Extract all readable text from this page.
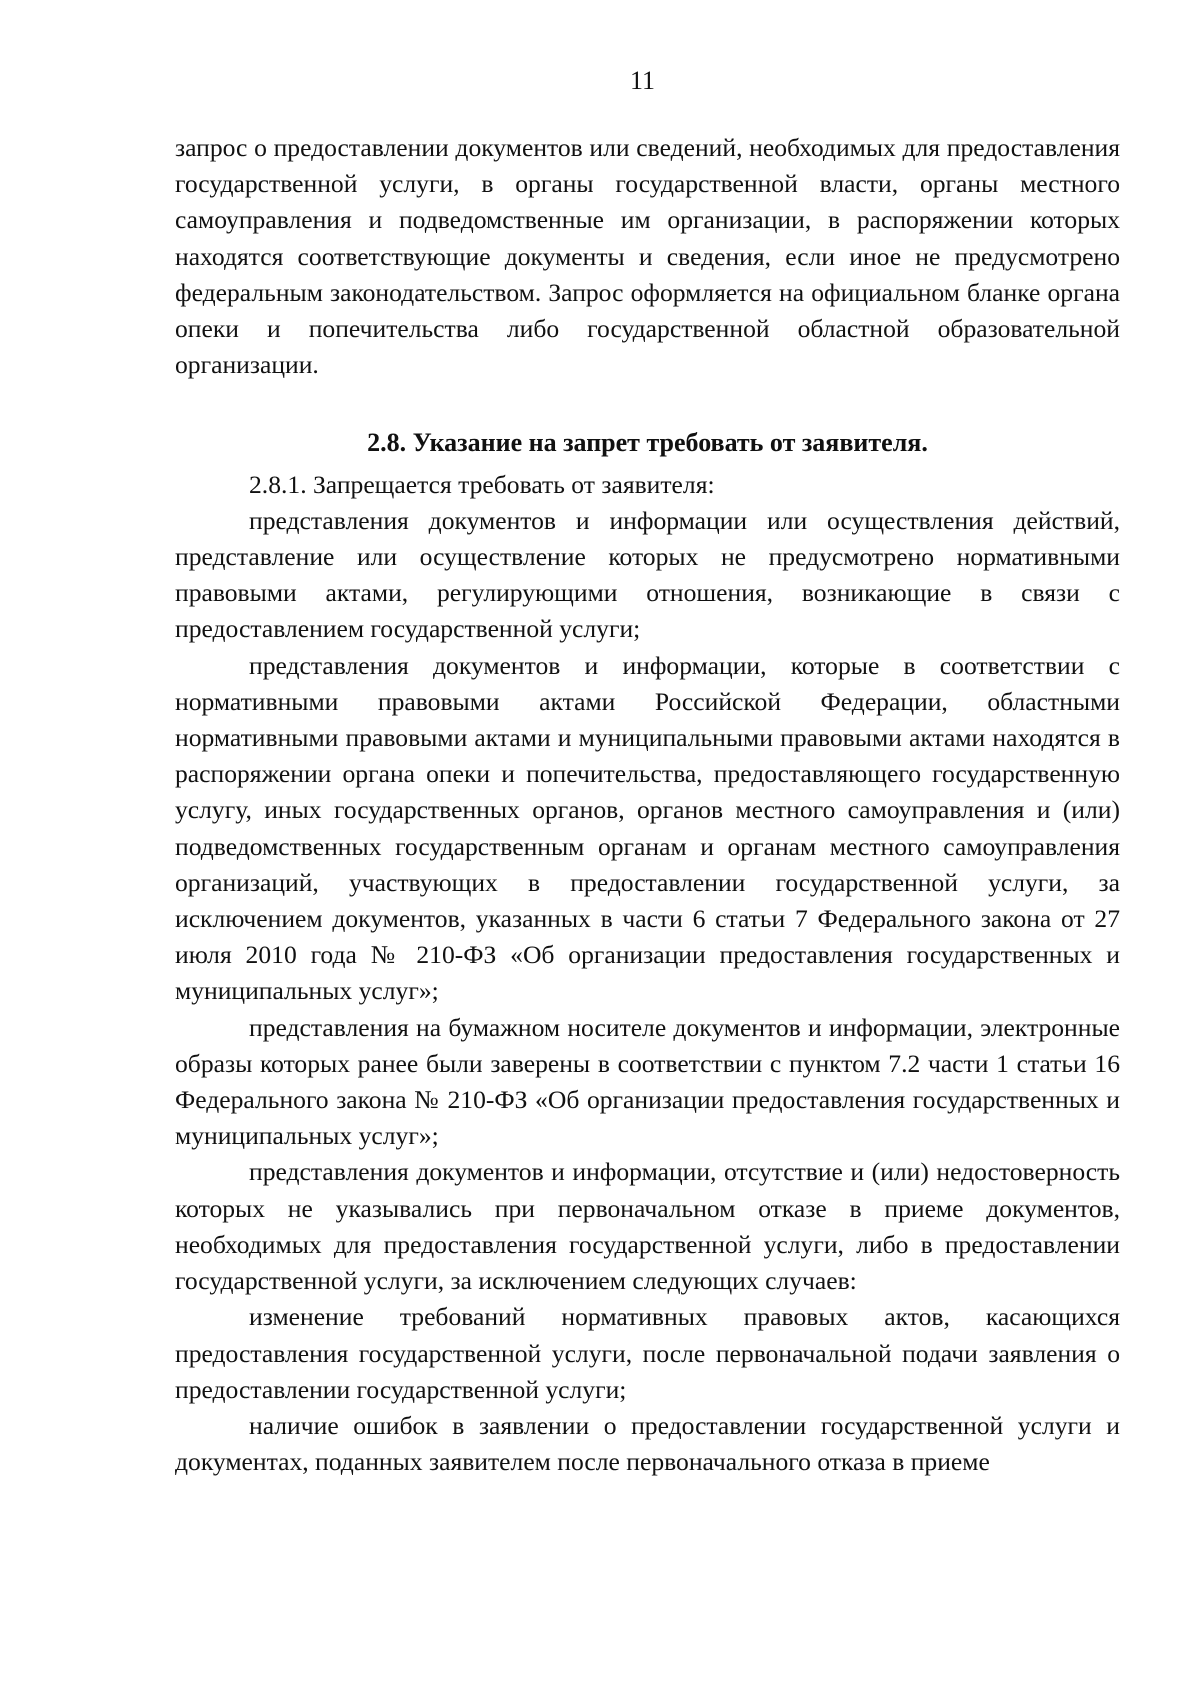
11

запрос о предоставлении документов или сведений, необходимых для предоставления государственной услуги, в органы государственной власти, органы местного самоуправления и подведомственные им организации, в распоряжении которых находятся соответствующие документы и сведения, если иное не предусмотрено федеральным законодательством. Запрос оформляется на официальном бланке органа опеки и попечительства либо государственной областной образовательной организации.

2.8. Указание на запрет требовать от заявителя.

2.8.1. Запрещается требовать от заявителя:

представления документов и информации или осуществления действий, представление или осуществление которых не предусмотрено нормативными правовыми актами, регулирующими отношения, возникающие в связи с предоставлением государственной услуги;

представления документов и информации, которые в соответствии с нормативными правовыми актами Российской Федерации, областными нормативными правовыми актами и муниципальными правовыми актами находятся в распоряжении органа опеки и попечительства, предоставляющего государственную услугу, иных государственных органов, органов местного самоуправления и (или) подведомственных государственным органам и органам местного самоуправления организаций, участвующих в предоставлении государственной услуги, за исключением документов, указанных в части 6 статьи 7 Федерального закона от 27 июля 2010 года № 210-ФЗ «Об организации предоставления государственных и муниципальных услуг»;

представления на бумажном носителе документов и информации, электронные образы которых ранее были заверены в соответствии с пунктом 7.2 части 1 статьи 16 Федерального закона № 210-ФЗ «Об организации предоставления государственных и муниципальных услуг»;

представления документов и информации, отсутствие и (или) недостоверность которых не указывались при первоначальном отказе в приеме документов, необходимых для предоставления государственной услуги, либо в предоставлении государственной услуги, за исключением следующих случаев:

изменение требований нормативных правовых актов, касающихся предоставления государственной услуги, после первоначальной подачи заявления о предоставлении государственной услуги;

наличие ошибок в заявлении о предоставлении государственной услуги и документах, поданных заявителем после первоначального отказа в приеме
